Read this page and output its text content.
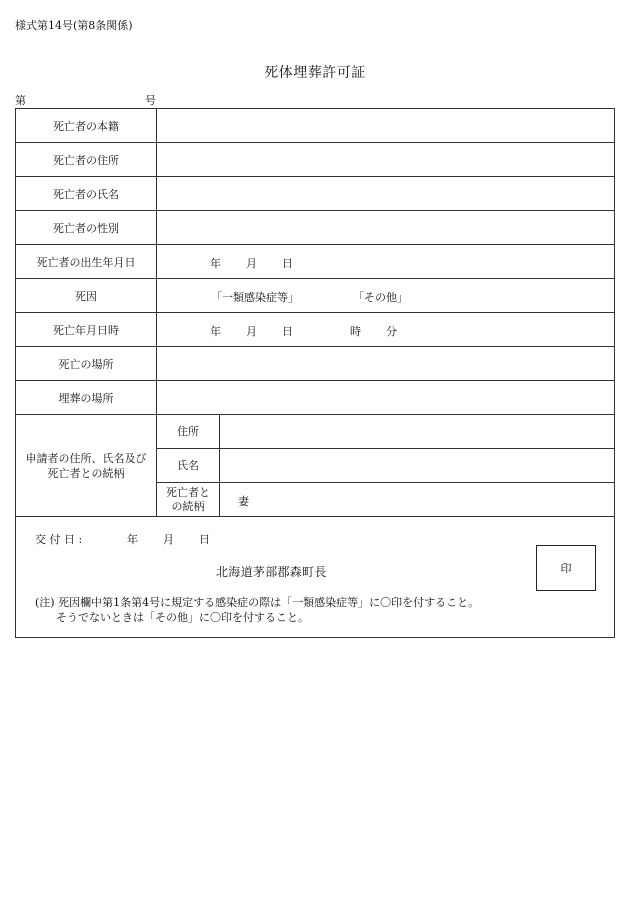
様式第14号(第8条関係)
死体埋葬許可証
第	号
死亡者の本籍		
死亡者の住所		
死亡者の氏名		
死亡者の性別		
死亡者の出生年月日	年 月 日	

死因	「一類感染症等」 「その他」	

死亡年月日時	年 月 日 時 分	

死亡の場所		
埋葬の場所		
申請者の住所、氏名及び死亡者との続柄	住所	
	氏名	
	死亡者との続柄	妻
交 付 日 :	年 月 日
北海道茅部郡森町長	印
(注) 死因欄中第1条第4号に規定する感染症の際は「一類感染症等」に〇印を付すること。
そうでないときは「その他」に〇印を付すること。
